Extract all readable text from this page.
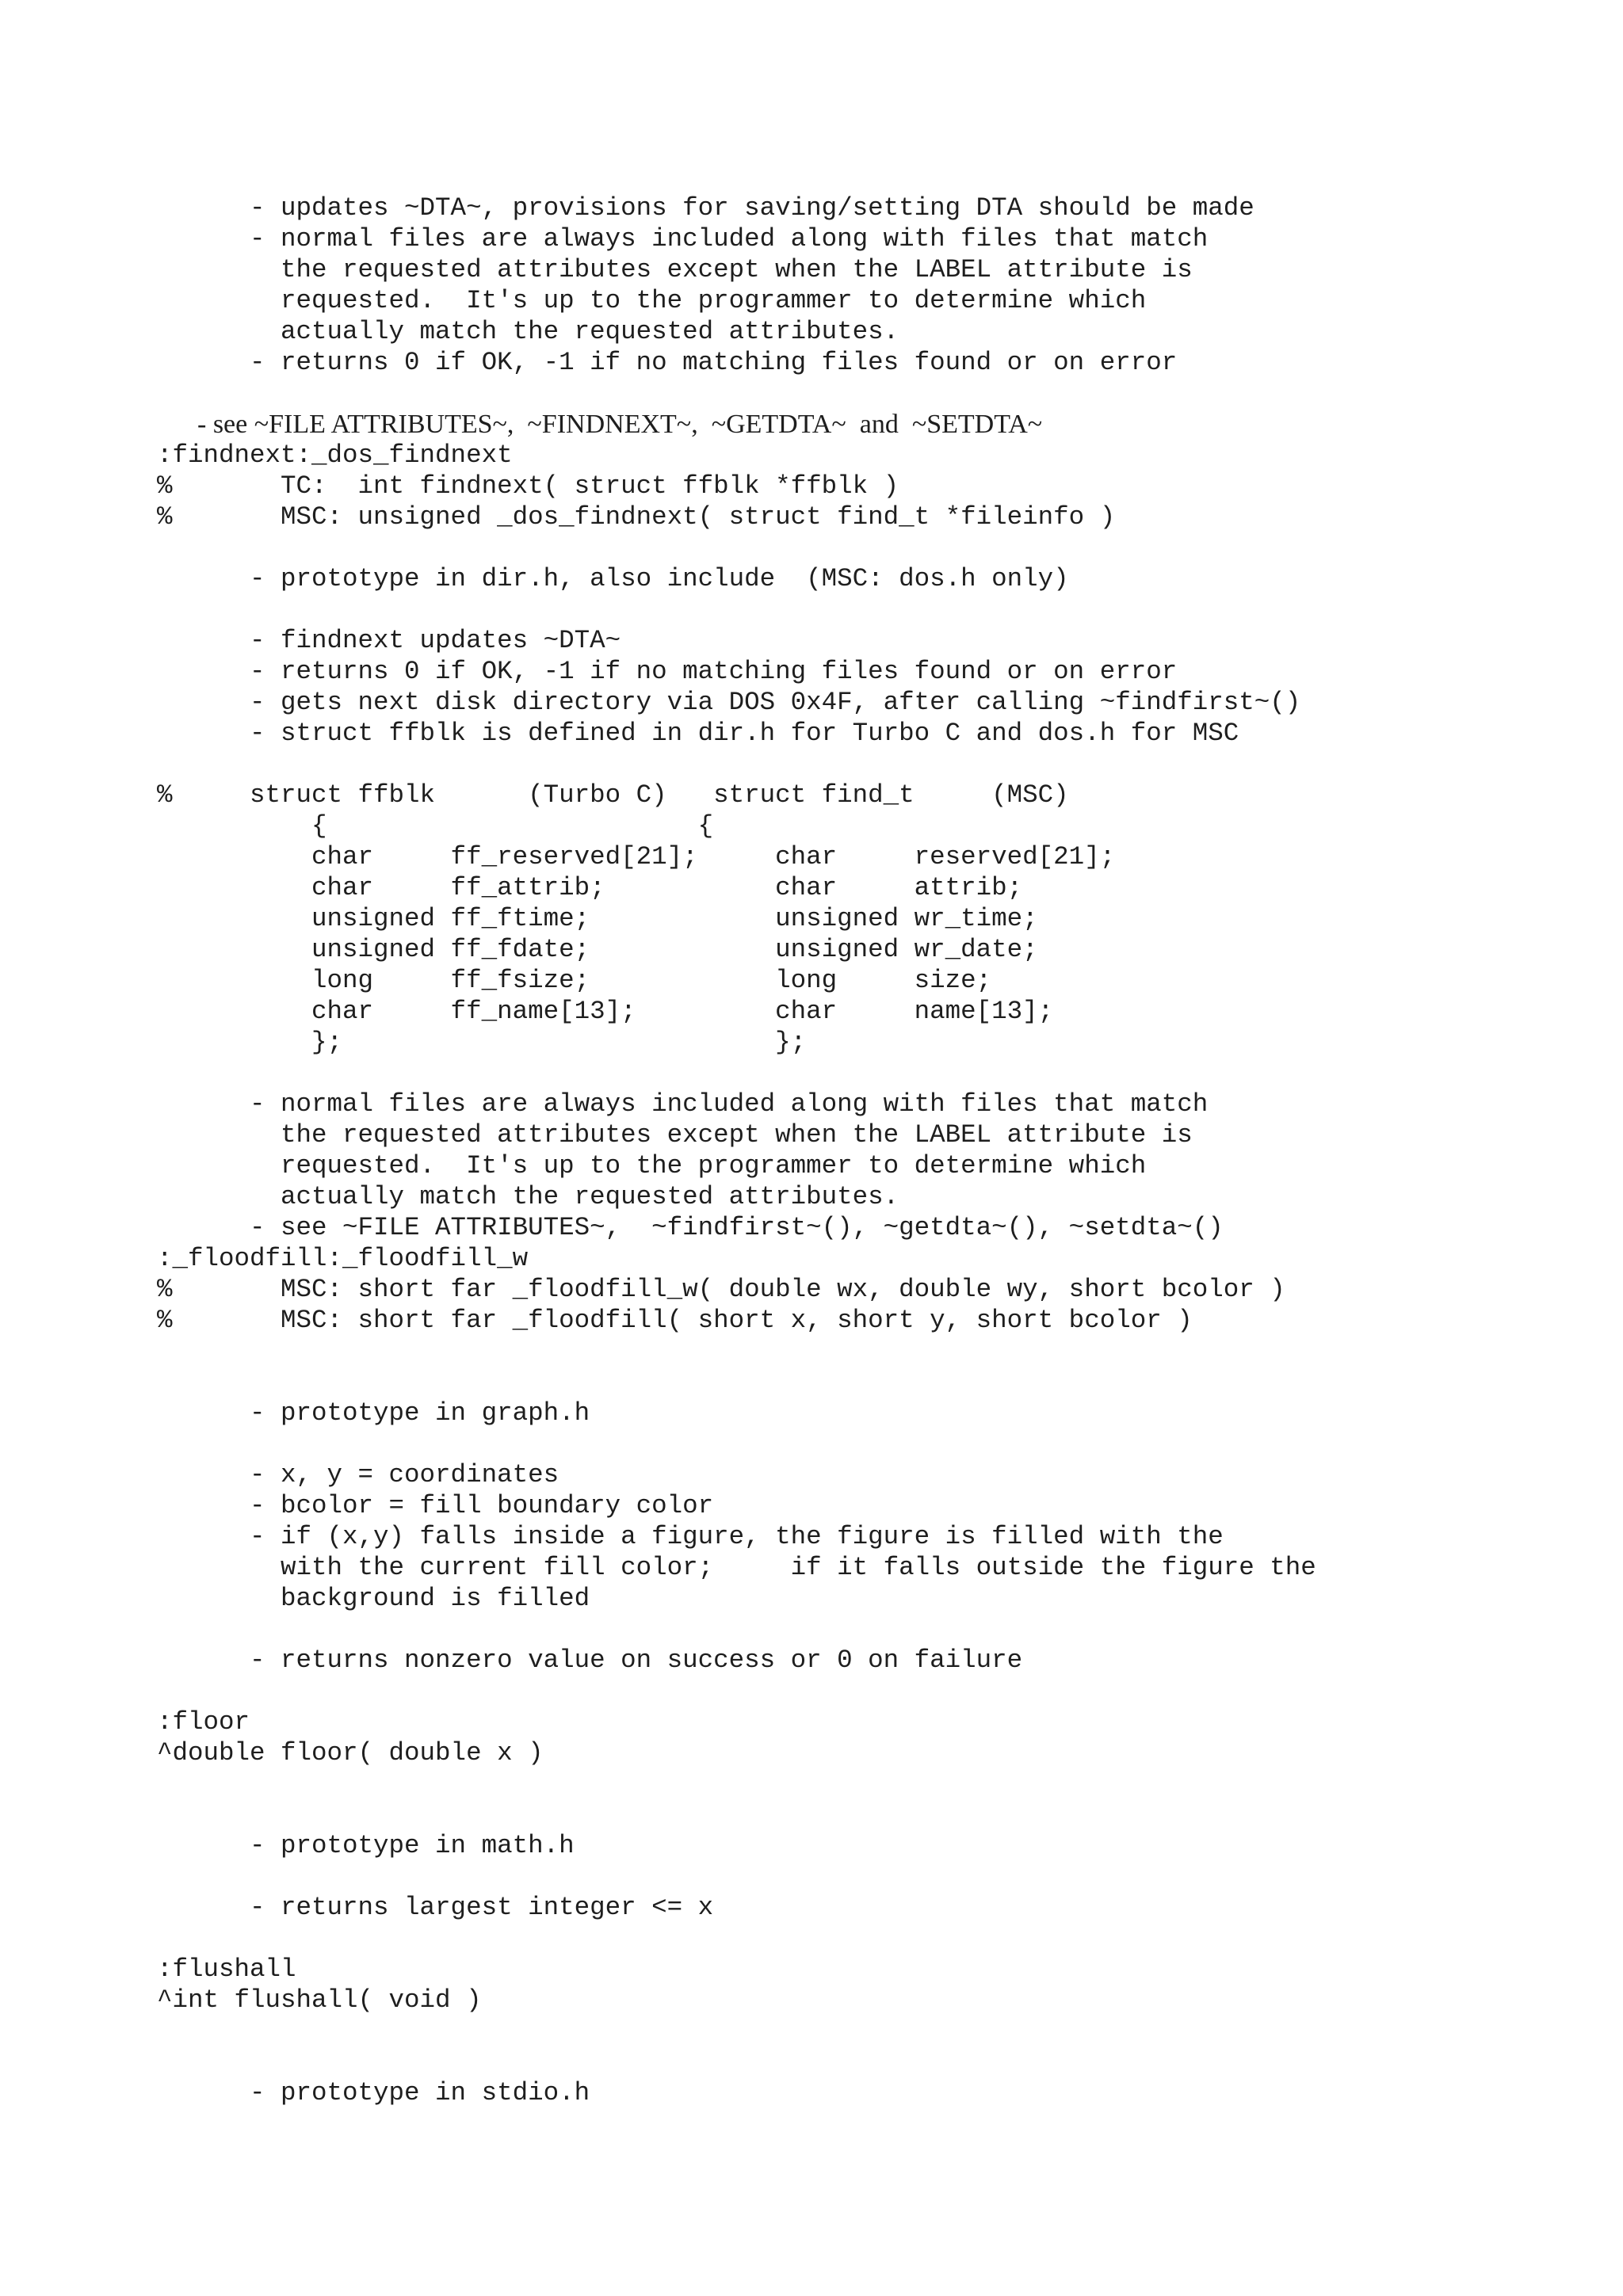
- updates ~DTA~, provisions for saving/setting DTA should be made
- normal files are always included along with files that match
the requested attributes except when the LABEL attribute is
requested.  It's up to the programmer to determine which
actually match the requested attributes.
- returns 0 if OK, -1 if no matching files found or on error
- see ~FILE ATTRIBUTES~,  ~FINDNEXT~,  ~GETDTA~  and  ~SETDTA~
:findnext:_dos_findnext
%       TC:  int findnext( struct ffblk *ffblk )
%       MSC: unsigned _dos_findnext( struct find_t *fileinfo )
- prototype in dir.h, also include  (MSC: dos.h only)
- findnext updates ~DTA~
- returns 0 if OK, -1 if no matching files found or on error
- gets next disk directory via DOS 0x4F, after calling ~findfirst~()
- struct ffblk is defined in dir.h for Turbo C and dos.h for MSC
%     struct ffblk      (Turbo C)   struct find_t     (MSC)
{                        {
char     ff_reserved[21];     char     reserved[21];
char     ff_attrib;           char     attrib;
unsigned ff_ftime;            unsigned wr_time;
unsigned ff_fdate;            unsigned wr_date;
long     ff_fsize;            long     size;
char     ff_name[13];         char     name[13];
};                            };
- normal files are always included along with files that match
the requested attributes except when the LABEL attribute is
requested.  It's up to the programmer to determine which
actually match the requested attributes.
- see ~FILE ATTRIBUTES~,  ~findfirst~(), ~getdta~(), ~setdta~()
:_floodfill:_floodfill_w
%       MSC: short far _floodfill_w( double wx, double wy, short bcolor )
%       MSC: short far _floodfill( short x, short y, short bcolor )
- prototype in graph.h
- x, y = coordinates
- bcolor = fill boundary color
- if (x,y) falls inside a figure, the figure is filled with the
with the current fill color;     if it falls outside the figure the
background is filled
- returns nonzero value on success or 0 on failure
:floor
^double floor( double x )
- prototype in math.h
- returns largest integer <= x
:flushall
^int flushall( void )
- prototype in stdio.h
